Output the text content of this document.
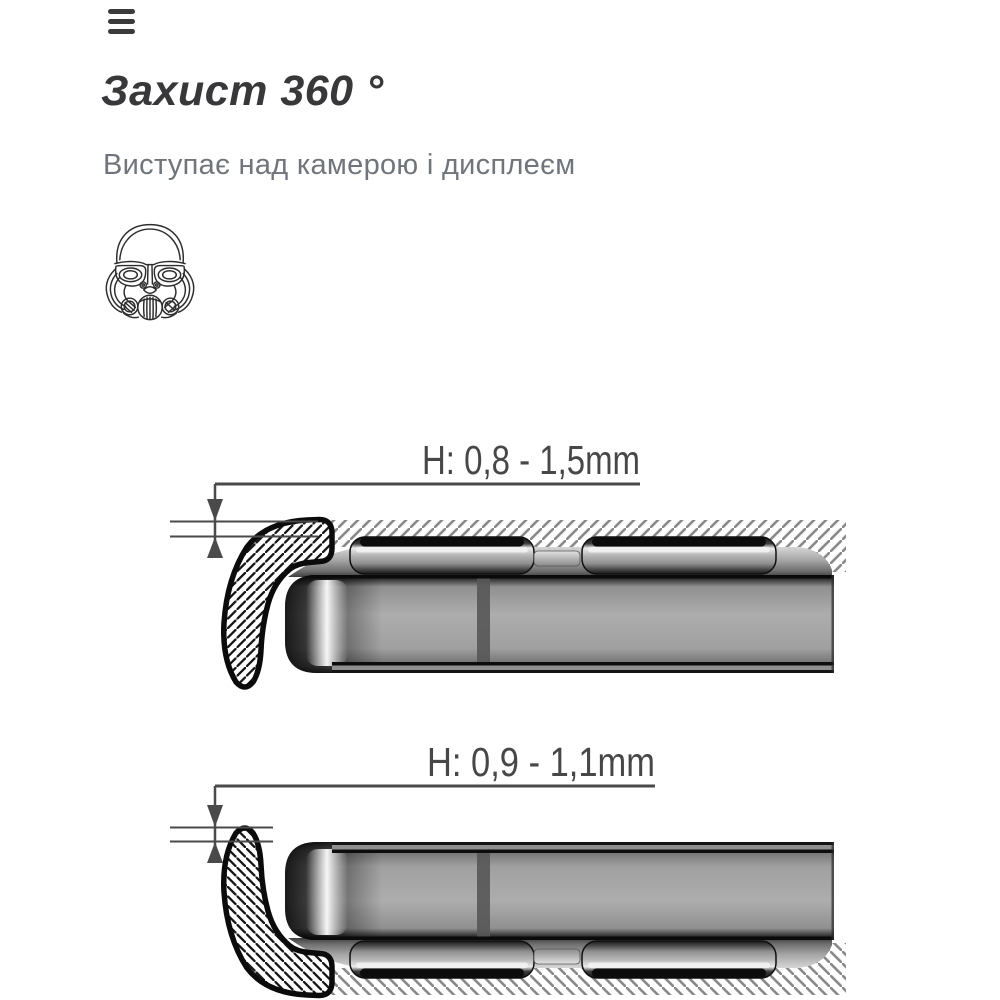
Захист 360 °

Виступає над камерою і дисплеєм

H: 0,8 - 1,5mm
H: 0,9 - 1,1mm
